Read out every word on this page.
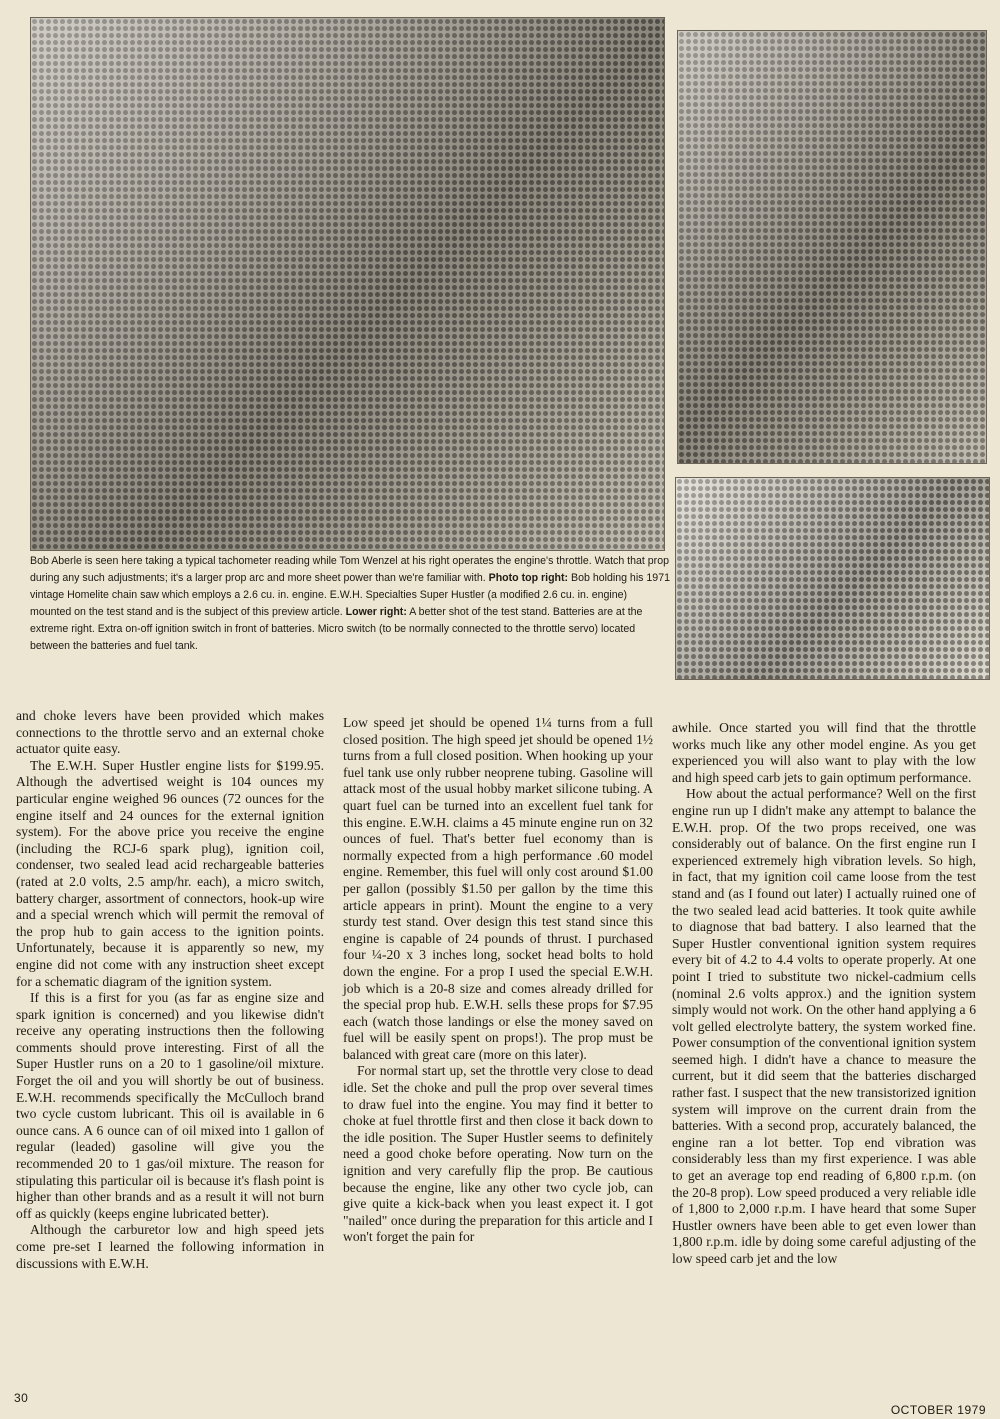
Bob Aberle is seen here taking a typical tachometer reading while Tom Wenzel at his right operates the engine's throttle. Watch that prop during any such adjustments; it's a larger prop arc and more sheet power than we're familiar with. Photo top right: Bob holding his 1971 vintage Homelite chain saw which employs a 2.6 cu. in. engine. E.W.H. Specialties Super Hustler (a modified 2.6 cu. in. engine) mounted on the test stand and is the subject of this preview article. Lower right: A better shot of the test stand. Batteries are at the extreme right. Extra on-off ignition switch in front of batteries. Micro switch (to be normally connected to the throttle servo) located between the batteries and fuel tank.

and choke levers have been provided which makes connections to the throttle servo and an external choke actuator quite easy.

The E.W.H. Super Hustler engine lists for $199.95. Although the advertised weight is 104 ounces my particular engine weighed 96 ounces (72 ounces for the engine itself and 24 ounces for the external ignition system). For the above price you receive the engine (including the RCJ-6 spark plug), ignition coil, condenser, two sealed lead acid rechargeable batteries (rated at 2.0 volts, 2.5 amp/hr. each), a micro switch, battery charger, assortment of connectors, hook-up wire and a special wrench which will permit the removal of the prop hub to gain access to the ignition points. Unfortunately, because it is apparently so new, my engine did not come with any instruction sheet except for a schematic diagram of the ignition system.

If this is a first for you (as far as engine size and spark ignition is concerned) and you likewise didn't receive any operating instructions then the following comments should prove interesting. First of all the Super Hustler runs on a 20 to 1 gasoline/oil mixture. Forget the oil and you will shortly be out of business. E.W.H. recommends specifically the McCulloch brand two cycle custom lubricant. This oil is available in 6 ounce cans. A 6 ounce can of oil mixed into 1 gallon of regular (leaded) gasoline will give you the recommended 20 to 1 gas/oil mixture. The reason for stipulating this particular oil is because it's flash point is higher than other brands and as a result it will not burn off as quickly (keeps engine lubricated better).

Although the carburetor low and high speed jets come pre-set I learned the following information in discussions with E.W.H.

Low speed jet should be opened 1¼ turns from a full closed position. The high speed jet should be opened 1½ turns from a full closed position. When hooking up your fuel tank use only rubber neoprene tubing. Gasoline will attack most of the usual hobby market silicone tubing. A quart fuel can be turned into an excellent fuel tank for this engine. E.W.H. claims a 45 minute engine run on 32 ounces of fuel. That's better fuel economy than is normally expected from a high performance .60 model engine. Remember, this fuel will only cost around $1.00 per gallon (possibly $1.50 per gallon by the time this article appears in print). Mount the engine to a very sturdy test stand. Over design this test stand since this engine is capable of 24 pounds of thrust. I purchased four ¼-20 x 3 inches long, socket head bolts to hold down the engine. For a prop I used the special E.W.H. job which is a 20-8 size and comes already drilled for the special prop hub. E.W.H. sells these props for $7.95 each (watch those landings or else the money saved on fuel will be easily spent on props!). The prop must be balanced with great care (more on this later).

For normal start up, set the throttle very close to dead idle. Set the choke and pull the prop over several times to draw fuel into the engine. You may find it better to choke at fuel throttle first and then close it back down to the idle position. The Super Hustler seems to definitely need a good choke before operating. Now turn on the ignition and very carefully flip the prop. Be cautious because the engine, like any other two cycle job, can give quite a kick-back when you least expect it. I got "nailed" once during the preparation for this article and I won't forget the pain for

awhile. Once started you will find that the throttle works much like any other model engine. As you get experienced you will also want to play with the low and high speed carb jets to gain optimum performance.

How about the actual performance? Well on the first engine run up I didn't make any attempt to balance the E.W.H. prop. Of the two props received, one was considerably out of balance. On the first engine run I experienced extremely high vibration levels. So high, in fact, that my ignition coil came loose from the test stand and (as I found out later) I actually ruined one of the two sealed lead acid batteries. It took quite awhile to diagnose that bad battery. I also learned that the Super Hustler conventional ignition system requires every bit of 4.2 to 4.4 volts to operate properly. At one point I tried to substitute two nickel-cadmium cells (nominal 2.6 volts approx.) and the ignition system simply would not work. On the other hand applying a 6 volt gelled electrolyte battery, the system worked fine. Power consumption of the conventional ignition system seemed high. I didn't have a chance to measure the current, but it did seem that the batteries discharged rather fast. I suspect that the new transistorized ignition system will improve on the current drain from the batteries. With a second prop, accurately balanced, the engine ran a lot better. Top end vibration was considerably less than my first experience. I was able to get an average top end reading of 6,800 r.p.m. (on the 20-8 prop). Low speed produced a very reliable idle of 1,800 to 2,000 r.p.m. I have heard that some Super Hustler owners have been able to get even lower than 1,800 r.p.m. idle by doing some careful adjusting of the low speed carb jet and the low

30
OCTOBER 1979
